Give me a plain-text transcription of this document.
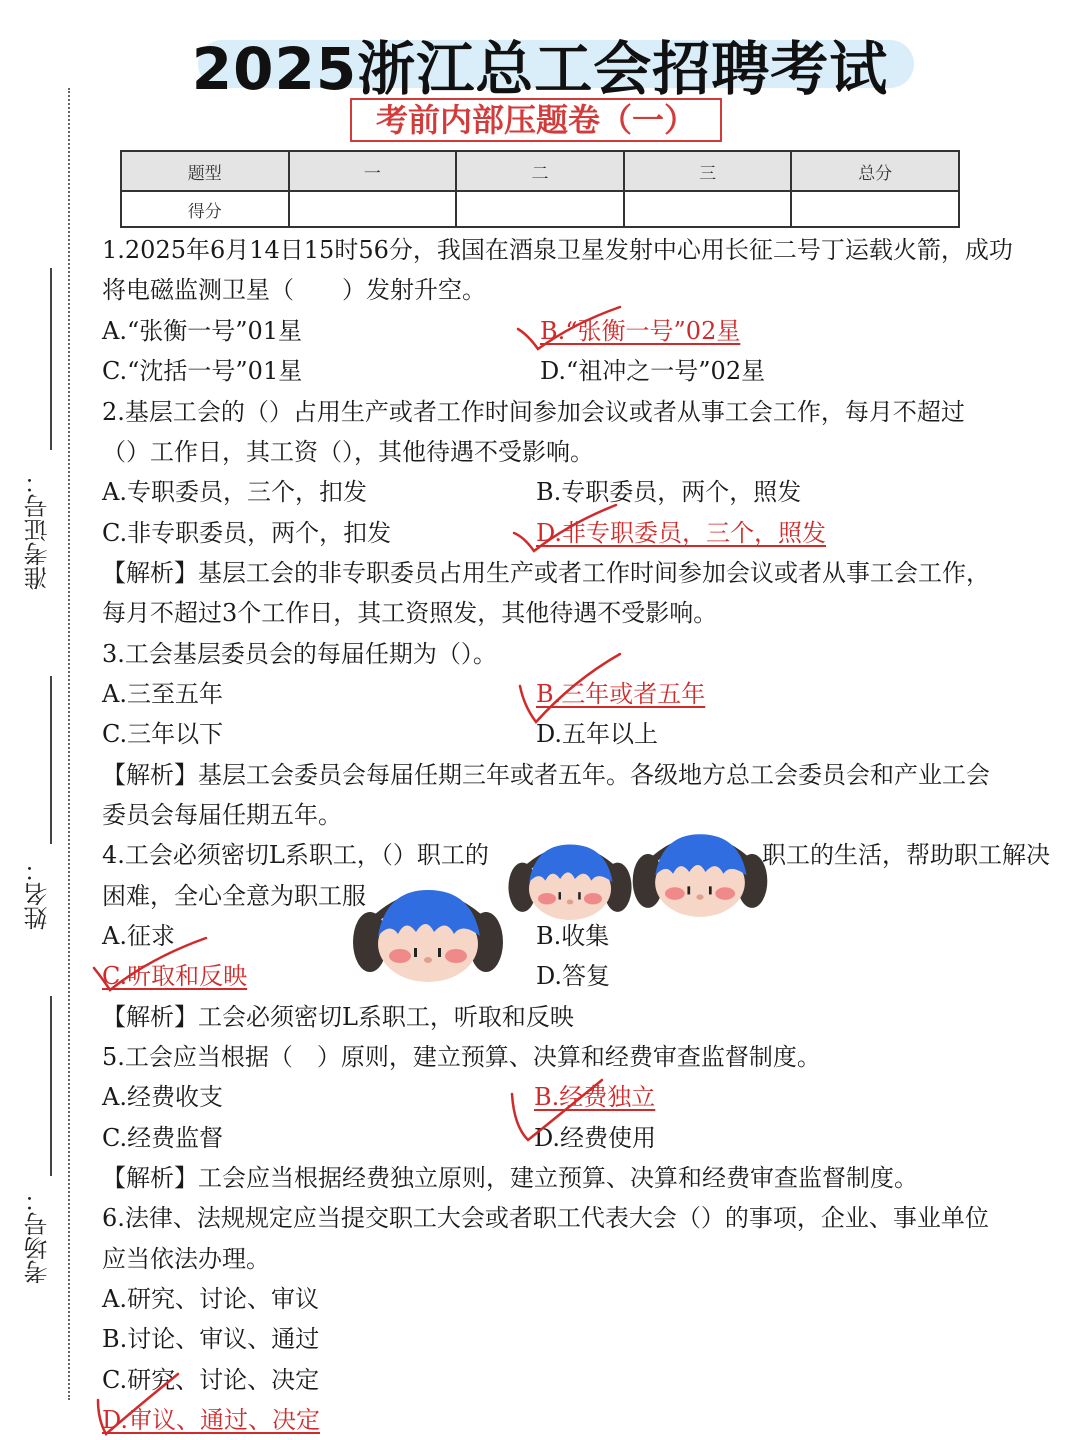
2025浙江总工会招聘考试
考前内部压题卷（一）
题型	一	二	三	总分
得分				
准考证号：
姓名：
考场号：
1.2025年6月14日15时56分，我国在酒泉卫星发射中心用长征二号丁运载火箭，成功
将电磁监测卫星（　　）发射升空。
A.“张衡一号”01星	B.“张衡一号”02星
C.“沈括一号”01星	D.“祖冲之一号”02星
2.基层工会的（）占用生产或者工作时间参加会议或者从事工会工作，每月不超过
（）工作日，其工资（），其他待遇不受影响。
A.专职委员，三个，扣发	B.专职委员，两个，照发
C.非专职委员，两个，扣发	D.非专职委员，三个，照发
【解析】基层工会的非专职委员占用生产或者工作时间参加会议或者从事工会工作，
每月不超过3个工作日，其工资照发，其他待遇不受影响。
3.工会基层委员会的每届任期为（）。
A.三至五年	B.三年或者五年
C.三年以下	D.五年以上
【解析】基层工会委员会每届任期三年或者五年。各级地方总工会委员会和产业工会
委员会每届任期五年。
4.工会必须密切L系职工，（）职工的	职工的生活，帮助职工解决
困难，全心全意为职工服
A.征求	B.收集
C.听取和反映	D.答复
【解析】工会必须密切L系职工，听取和反映
5.工会应当根据（　）原则，建立预算、决算和经费审查监督制度。
A.经费收支	B.经费独立
C.经费监督	D.经费使用
【解析】工会应当根据经费独立原则，建立预算、决算和经费审查监督制度。
6.法律、法规规定应当提交职工大会或者职工代表大会（）的事项，企业、事业单位
应当依法办理。
A.研究、讨论、审议
B.讨论、审议、通过
C.研究、讨论、决定
D.审议、通过、决定
